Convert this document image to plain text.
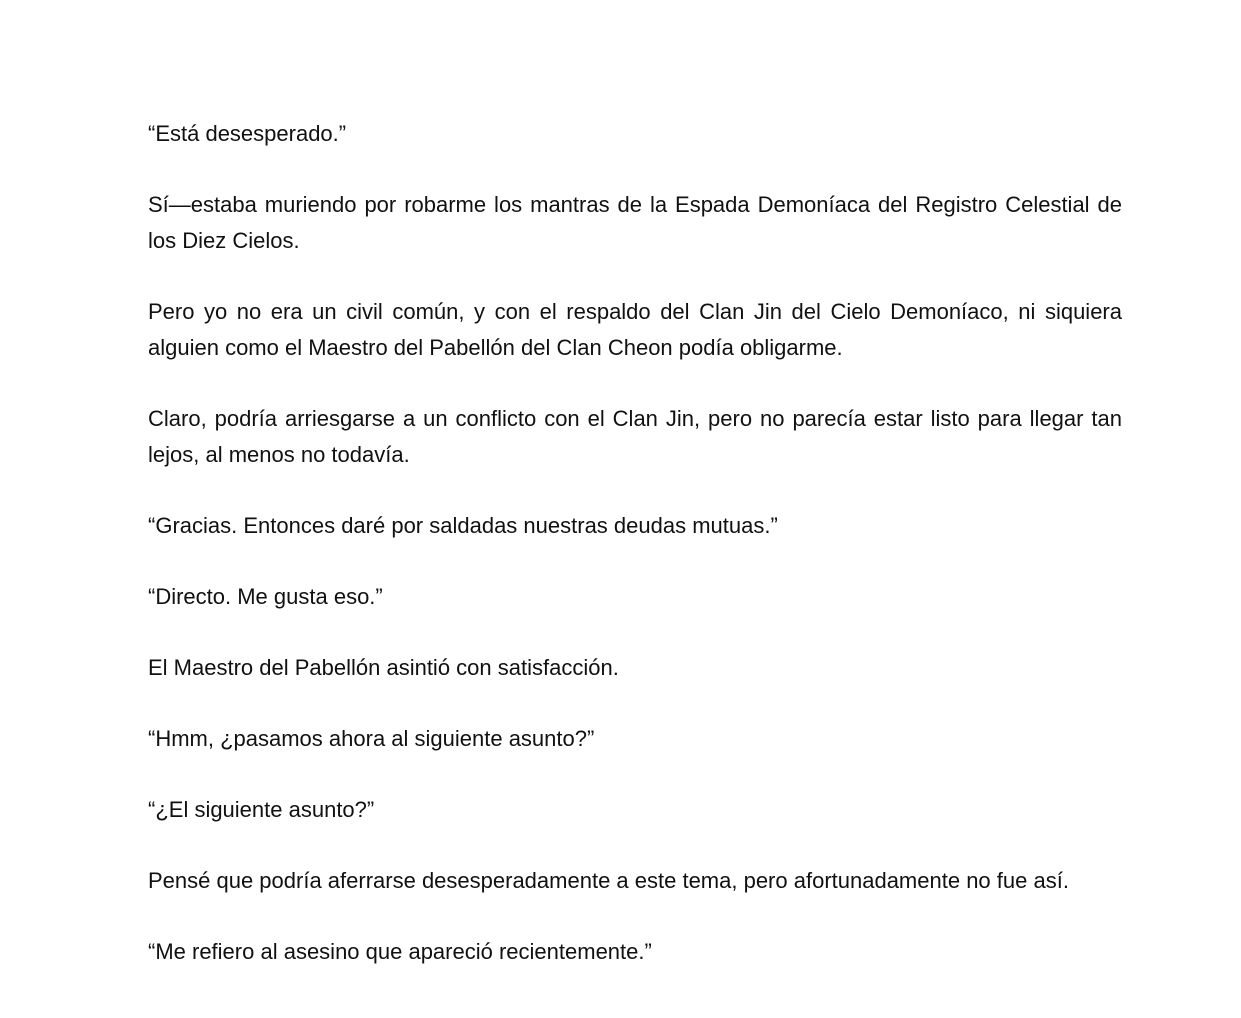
“Está desesperado.”

Sí—estaba muriendo por robarme los mantras de la Espada Demoníaca del Registro Celestial de los Diez Cielos.

Pero yo no era un civil común, y con el respaldo del Clan Jin del Cielo Demoníaco, ni siquiera alguien como el Maestro del Pabellón del Clan Cheon podía obligarme.

Claro, podría arriesgarse a un conflicto con el Clan Jin, pero no parecía estar listo para llegar tan lejos, al menos no todavía.

“Gracias. Entonces daré por saldadas nuestras deudas mutuas.”

“Directo. Me gusta eso.”

El Maestro del Pabellón asintió con satisfacción.

“Hmm, ¿pasamos ahora al siguiente asunto?”

“¿El siguiente asunto?”

Pensé que podría aferrarse desesperadamente a este tema, pero afortunadamente no fue así.

“Me refiero al asesino que apareció recientemente.”
